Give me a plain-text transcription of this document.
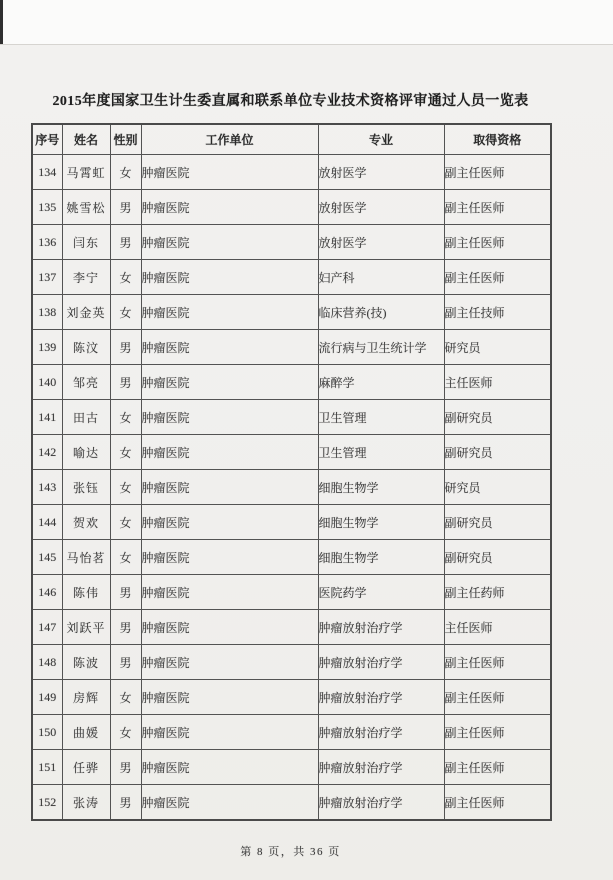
2015年度国家卫生计生委直属和联系单位专业技术资格评审通过人员一览表
序号	姓名	性别	工作单位	专业	取得资格
134	马霄虹	女	肿瘤医院	放射医学	副主任医师
135	姚雪松	男	肿瘤医院	放射医学	副主任医师
136	闫东	男	肿瘤医院	放射医学	副主任医师
137	李宁	女	肿瘤医院	妇产科	副主任医师
138	刘金英	女	肿瘤医院	临床营养(技)	副主任技师
139	陈汶	男	肿瘤医院	流行病与卫生统计学	研究员
140	邹亮	男	肿瘤医院	麻醉学	主任医师
141	田古	女	肿瘤医院	卫生管理	副研究员
142	喻达	女	肿瘤医院	卫生管理	副研究员
143	张钰	女	肿瘤医院	细胞生物学	研究员
144	贺欢	女	肿瘤医院	细胞生物学	副研究员
145	马怡茗	女	肿瘤医院	细胞生物学	副研究员
146	陈伟	男	肿瘤医院	医院药学	副主任药师
147	刘跃平	男	肿瘤医院	肿瘤放射治疗学	主任医师
148	陈波	男	肿瘤医院	肿瘤放射治疗学	副主任医师
149	房辉	女	肿瘤医院	肿瘤放射治疗学	副主任医师
150	曲媛	女	肿瘤医院	肿瘤放射治疗学	副主任医师
151	任骅	男	肿瘤医院	肿瘤放射治疗学	副主任医师
152	张涛	男	肿瘤医院	肿瘤放射治疗学	副主任医师
第 8 页，共 36 页
